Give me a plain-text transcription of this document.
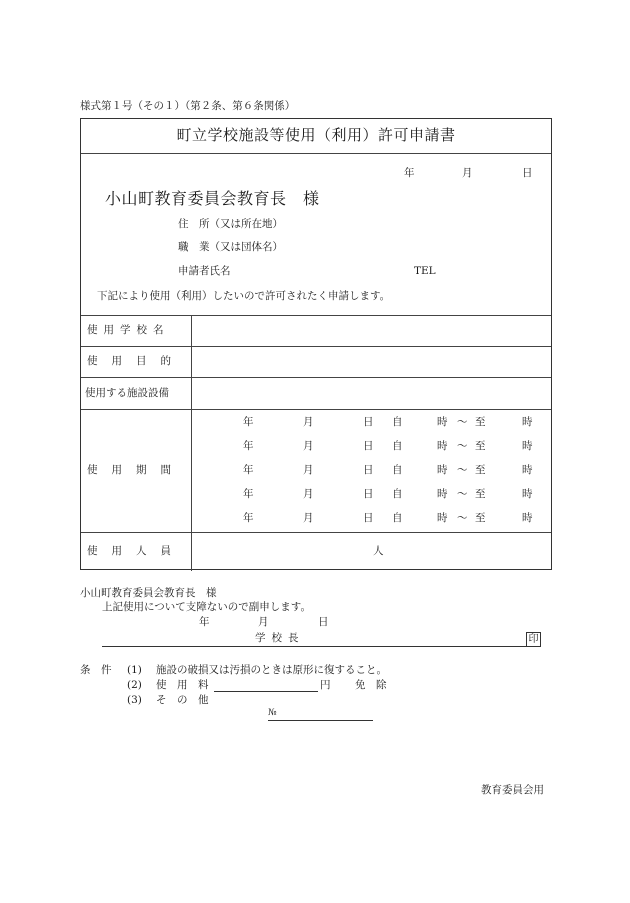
様式第１号（その１）（第２条、第６条関係）
町立学校施設等使用（利用）許可申請書
年	月	日
小山町教育委員会教育長　様
住　所（又は所在地）
職　業（又は団体名）
申請者氏名	TEL
下記により使用（利用）したいので許可されたく申請します。
使用学校名
使用目的
使用する施設設備
使用期間
年	月	日 自	時 ～ 至	時
年	月	日 自	時 ～ 至	時
年	月	日 自	時 ～ 至	時
年	月	日 自	時 ～ 至	時
年	月	日 自	時 ～ 至	時
使用人員	人
小山町教育委員会教育長　様
上記使用について支障ないので副申します。
年	月	日
学校長	印
条　件 (1) 施設の破損又は汚損のときは原形に復すること。
(2) 使　用　料	円 免　除
(3) そ　の　他
№
教育委員会用
